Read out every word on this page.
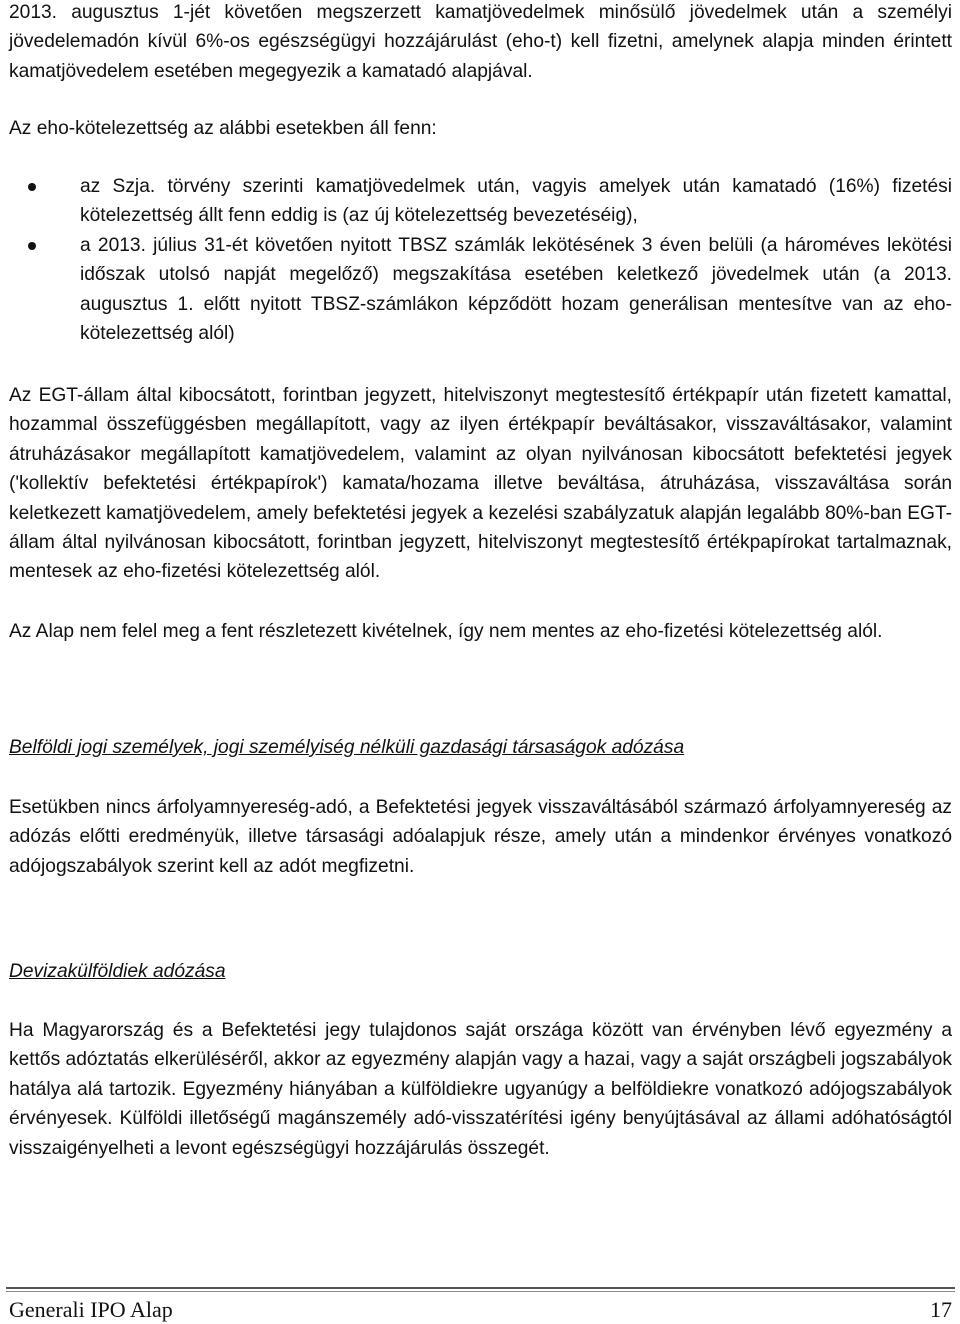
2013. augusztus 1-jét követően megszerzett kamatjövedelmek minősülő jövedelmek után a személyi jövedelemadón kívül 6%-os egészségügyi hozzájárulást (eho-t) kell fizetni, amelynek alapja minden érintett kamatjövedelem esetében megegyezik a kamatadó alapjával.

Az eho-kötelezettség az alábbi esetekben áll fenn:

az Szja. törvény szerinti kamatjövedelmek után, vagyis amelyek után kamatadó (16%) fizetési kötelezettség állt fenn eddig is (az új kötelezettség bevezetéséig),
a 2013. július 31-ét követően nyitott TBSZ számlák lekötésének 3 éven belüli (a hároméves lekötési időszak utolsó napját megelőző) megszakítása esetében keletkező jövedelmek után (a 2013. augusztus 1. előtt nyitott TBSZ-számlákon képződött hozam generálisan mentesítve van az eho-kötelezettség alól)

Az EGT-állam által kibocsátott, forintban jegyzett, hitelviszonyt megtestesítő értékpapír után fizetett kamattal, hozammal összefüggésben megállapított, vagy az ilyen értékpapír beváltásakor, visszaváltásakor, valamint átruházásakor megállapított kamatjövedelem, valamint az olyan nyilvánosan kibocsátott befektetési jegyek ('kollektív befektetési értékpapírok') kamata/hozama illetve beváltása, átruházása, visszaváltása során keletkezett kamatjövedelem, amely befektetési jegyek a kezelési szabályzatuk alapján legalább 80%-ban EGT-állam által nyilvánosan kibocsátott, forintban jegyzett, hitelviszonyt megtestesítő értékpapírokat tartalmaznak, mentesek az eho-fizetési kötelezettség alól.

Az Alap nem felel meg a fent részletezett kivételnek, így nem mentes az eho-fizetési kötelezettség alól.

Belföldi jogi személyek, jogi személyiség nélküli gazdasági társaságok adózása

Esetükben nincs árfolyamnyereség-adó, a Befektetési jegyek visszaváltásából származó árfolyamnyereség az adózás előtti eredményük, illetve társasági adóalapjuk része, amely után a mindenkor érvényes vonatkozó adójogszabályok szerint kell az adót megfizetni.

Devizakülföldiek adózása

Ha Magyarország és a Befektetési jegy tulajdonos saját országa között van érvényben lévő egyezmény a kettős adóztatás elkerüléséről, akkor az egyezmény alapján vagy a hazai, vagy a saját országbeli jogszabályok hatálya alá tartozik. Egyezmény hiányában a külföldiekre ugyanúgy a belföldiekre vonatkozó adójogszabályok érvényesek. Külföldi illetőségű magánszemély adó-visszatérítési igény benyújtásával az állami adóhatóságtól visszaigényelheti a levont egészségügyi hozzájárulás összegét.

Generali IPO Alap	17
